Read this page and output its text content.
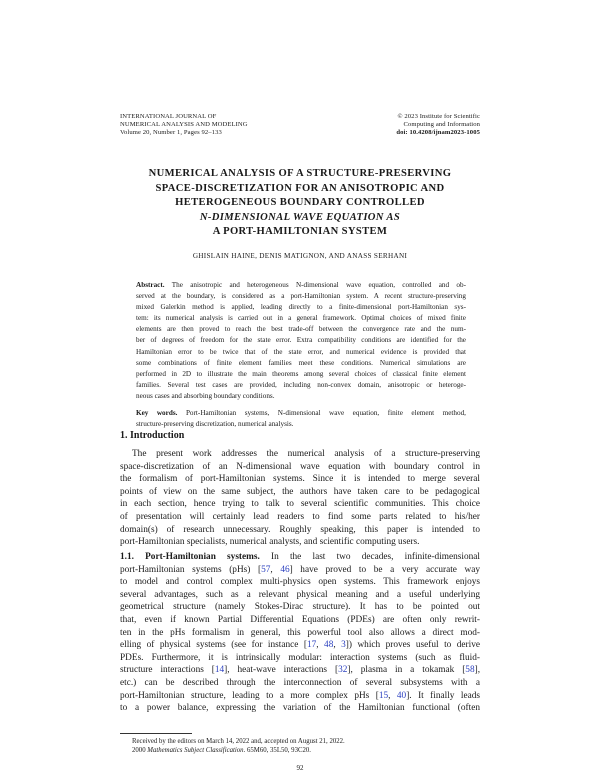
INTERNATIONAL JOURNAL OF
NUMERICAL ANALYSIS AND MODELING
Volume 20, Number 1, Pages 92–133
© 2023 Institute for Scientific
Computing and Information
doi: 10.4208/ijnam2023-1005
NUMERICAL ANALYSIS OF A STRUCTURE-PRESERVING
SPACE-DISCRETIZATION FOR AN ANISOTROPIC AND
HETEROGENEOUS BOUNDARY CONTROLLED
N-DIMENSIONAL WAVE EQUATION AS
A PORT-HAMILTONIAN SYSTEM
GHISLAIN HAINE, DENIS MATIGNON, AND ANASS SERHANI
Abstract. The anisotropic and heterogeneous N-dimensional wave equation, controlled and ob-
served at the boundary, is considered as a port-Hamiltonian system. A recent structure-preserving
mixed Galerkin method is applied, leading directly to a finite-dimensional port-Hamiltonian sys-
tem: its numerical analysis is carried out in a general framework. Optimal choices of mixed finite
elements are then proved to reach the best trade-off between the convergence rate and the num-
ber of degrees of freedom for the state error. Extra compatibility conditions are identified for the
Hamiltonian error to be twice that of the state error, and numerical evidence is provided that
some combinations of finite element families meet these conditions. Numerical simulations are
performed in 2D to illustrate the main theorems among several choices of classical finite element
families. Several test cases are provided, including non-convex domain, anisotropic or heteroge-
neous cases and absorbing boundary conditions.
Key words. Port-Hamiltonian systems, N-dimensional wave equation, finite element method,
structure-preserving discretization, numerical analysis.
1. Introduction
The present work addresses the numerical analysis of a structure-preserving
space-discretization of an N-dimensional wave equation with boundary control in
the formalism of port-Hamiltonian systems. Since it is intended to merge several
points of view on the same subject, the authors have taken care to be pedagogical
in each section, hence trying to talk to several scientific communities. This choice
of presentation will certainly lead readers to find some parts related to his/her
domain(s) of research unnecessary. Roughly speaking, this paper is intended to
port-Hamiltonian specialists, numerical analysts, and scientific computing users.
1.1. Port-Hamiltonian systems. In the last two decades, infinite-dimensional
port-Hamiltonian systems (pHs) [57, 46] have proved to be a very accurate way
to model and control complex multi-physics open systems. This framework enjoys
several advantages, such as a relevant physical meaning and a useful underlying
geometrical structure (namely Stokes-Dirac structure). It has to be pointed out
that, even if known Partial Differential Equations (PDEs) are often only rewrit-
ten in the pHs formalism in general, this powerful tool also allows a direct mod-
elling of physical systems (see for instance [17, 48, 3]) which proves useful to derive
PDEs. Furthermore, it is intrinsically modular: interaction systems (such as fluid-
structure interactions [14], heat-wave interactions [32], plasma in a tokamak [58],
etc.) can be described through the interconnection of several subsystems with a
port-Hamiltonian structure, leading to a more complex pHs [15, 40]. It finally leads
to a power balance, expressing the variation of the Hamiltonian functional (often
Received by the editors on March 14, 2022 and, accepted on August 21, 2022.
2000 Mathematics Subject Classification. 65M60, 35L50, 93C20.
92
